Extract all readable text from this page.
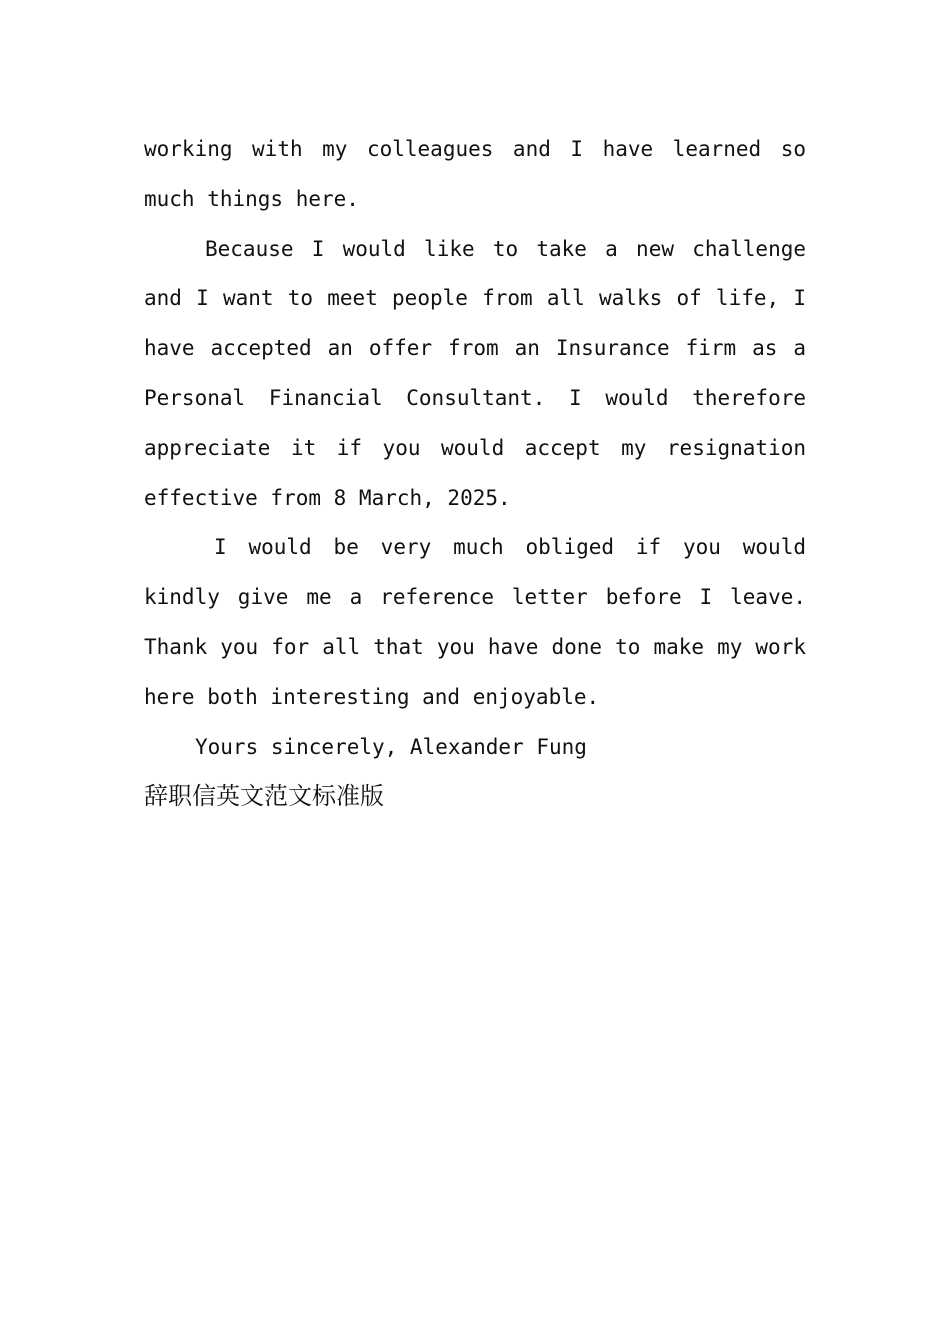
working with my colleagues and I have learned so much things here.

Because I would like to take a new challenge and I want to meet people from all walks of life, I have accepted an offer from an Insurance firm as a Personal Financial Consultant. I would therefore appreciate it if you would accept my resignation effective from 8 March, 2025.

I would be very much obliged if you would kindly give me a reference letter before I leave. Thank you for all that you have done to make my work here both interesting and enjoyable.

Yours sincerely, Alexander Fung

辞职信英文范文标准版
